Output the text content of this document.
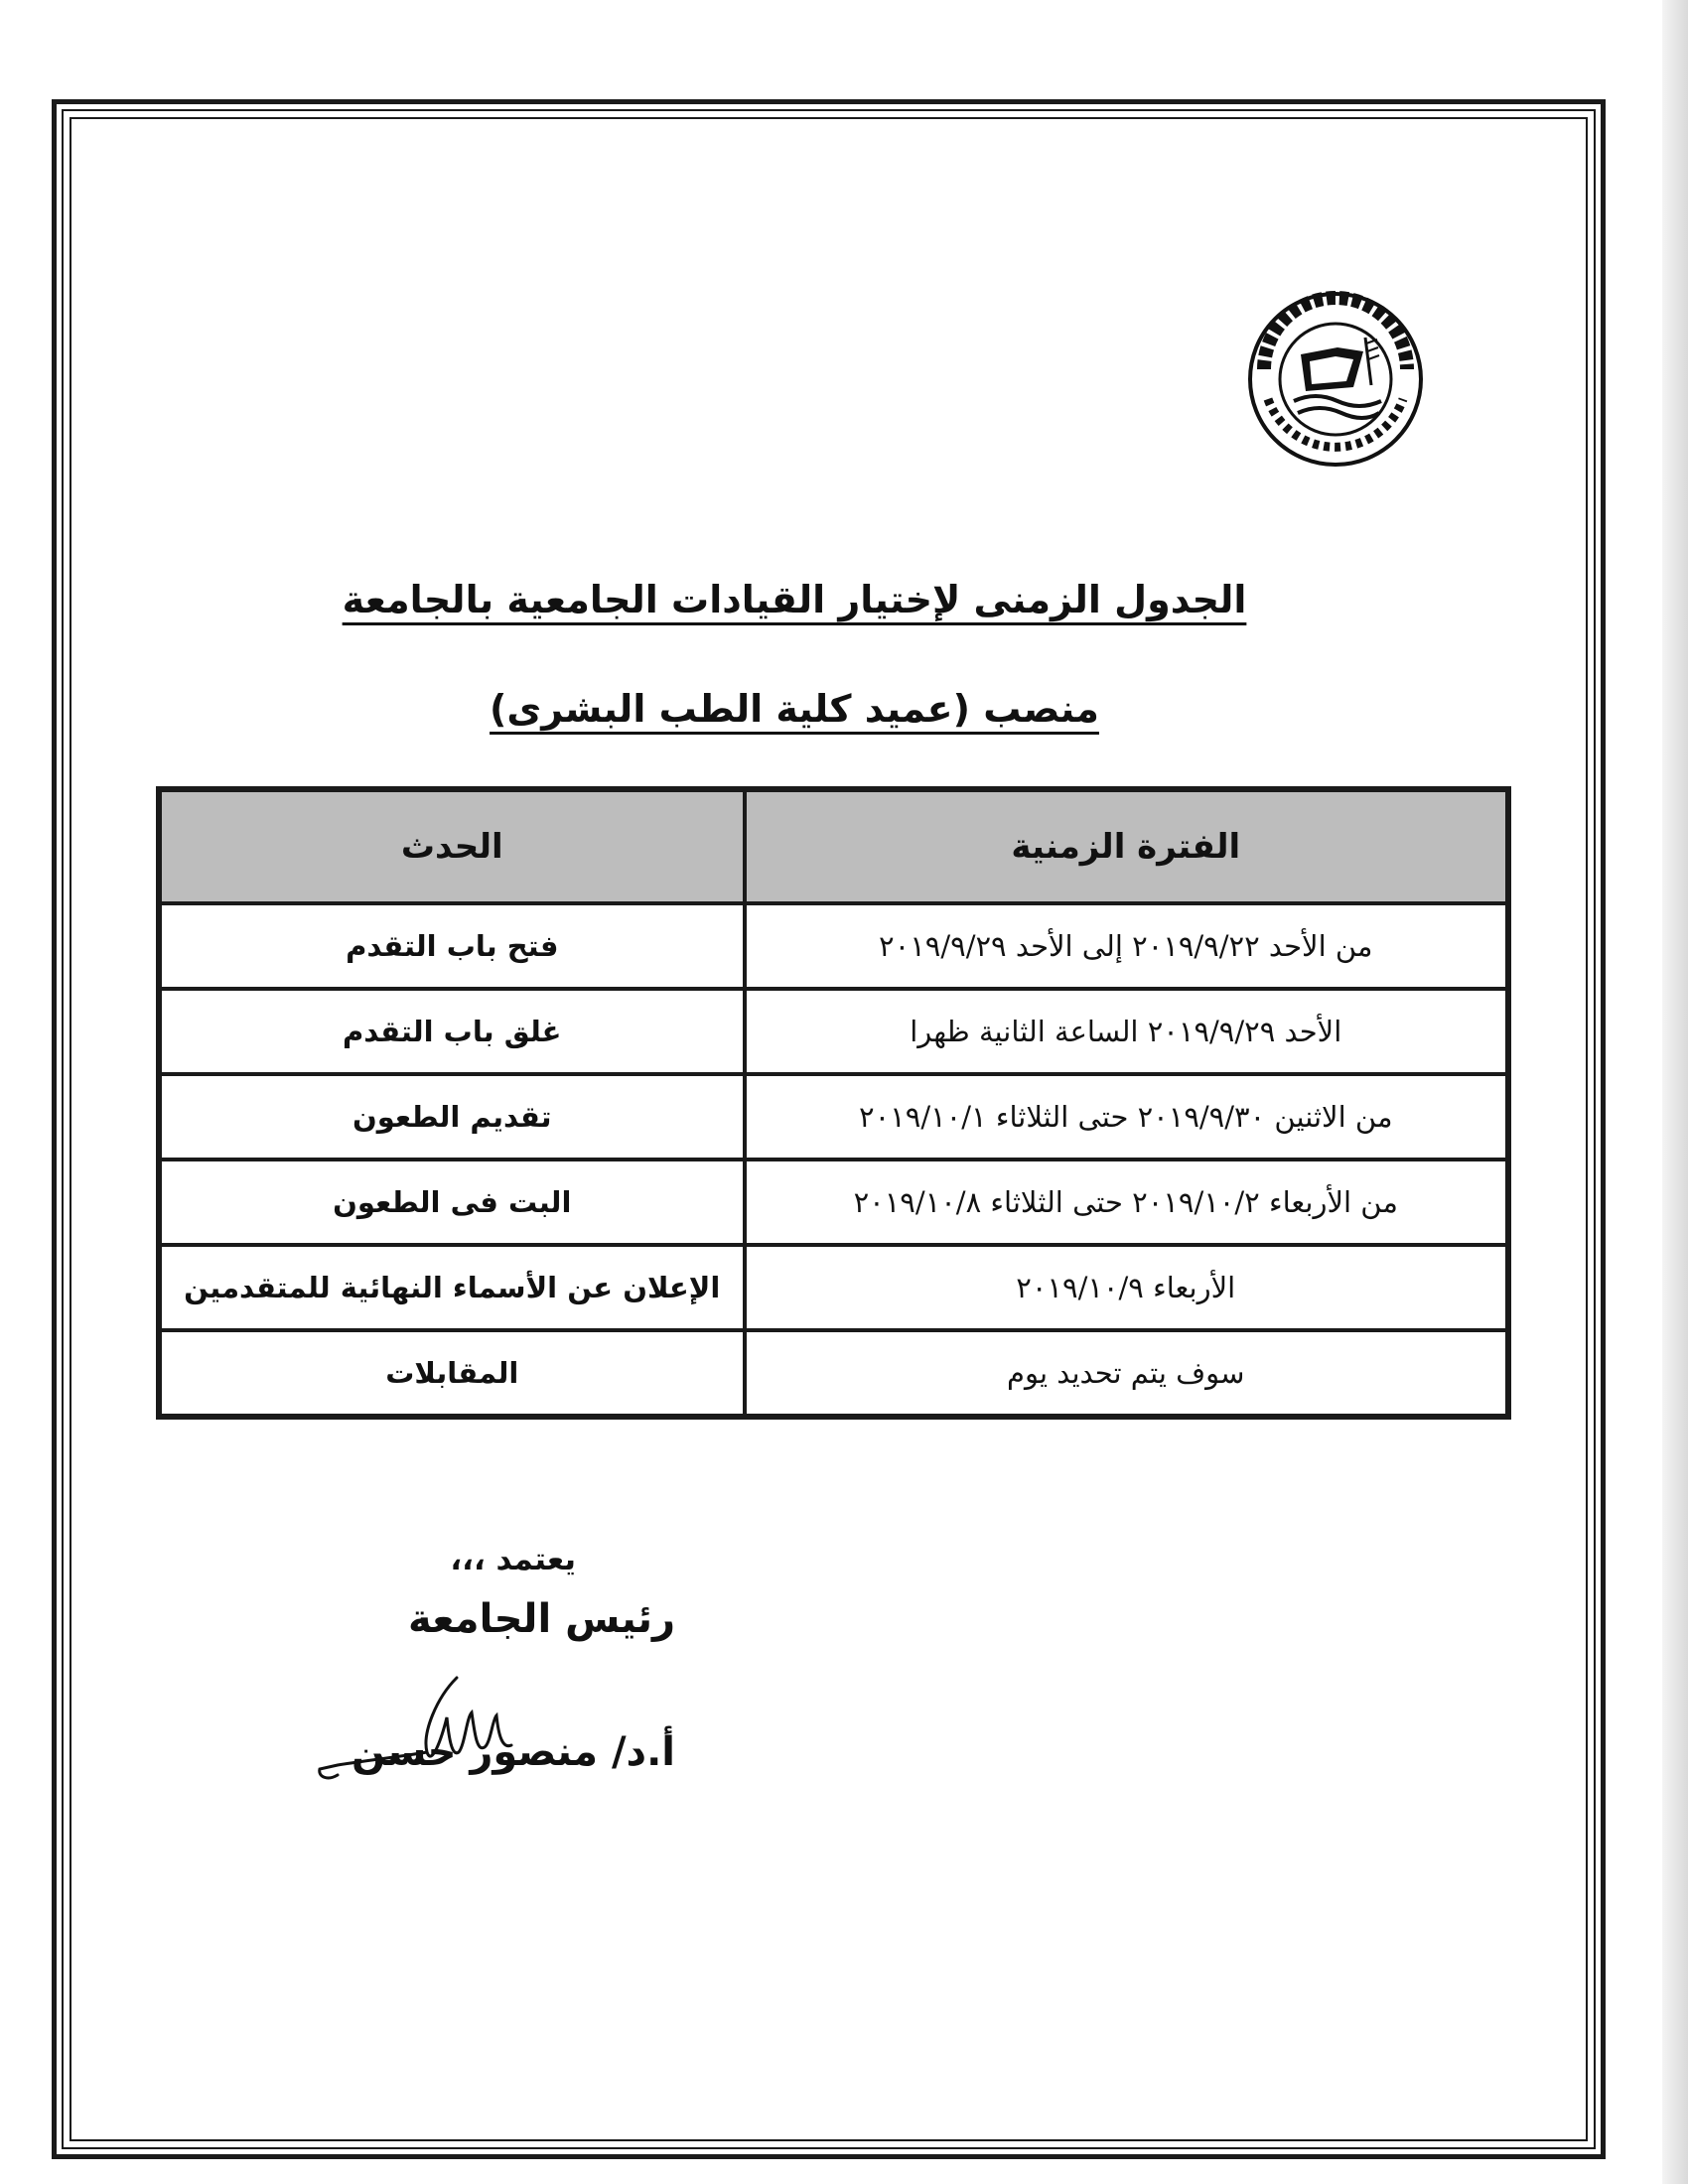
الجدول الزمنى لإختيار القيادات الجامعية بالجامعة
منصب (عميد كلية الطب البشرى)
الفترة الزمنية	الحدث
من الأحد ٢٠١٩/٩/٢٢ إلى الأحد ٢٠١٩/٩/٢٩	فتح باب التقدم
الأحد ٢٠١٩/٩/٢٩ الساعة الثانية ظهرا	غلق باب التقدم
من الاثنين ٢٠١٩/٩/٣٠ حتى الثلاثاء ٢٠١٩/١٠/١	تقديم الطعون
من الأربعاء ٢٠١٩/١٠/٢ حتى الثلاثاء ٢٠١٩/١٠/٨	البت فى الطعون
الأربعاء ٢٠١٩/١٠/٩	الإعلان عن الأسماء النهائية للمتقدمين
سوف يتم تحديد يوم	المقابلات

يعتمد ،،،

رئيس الجامعة

أ.د/ منصور حسن
